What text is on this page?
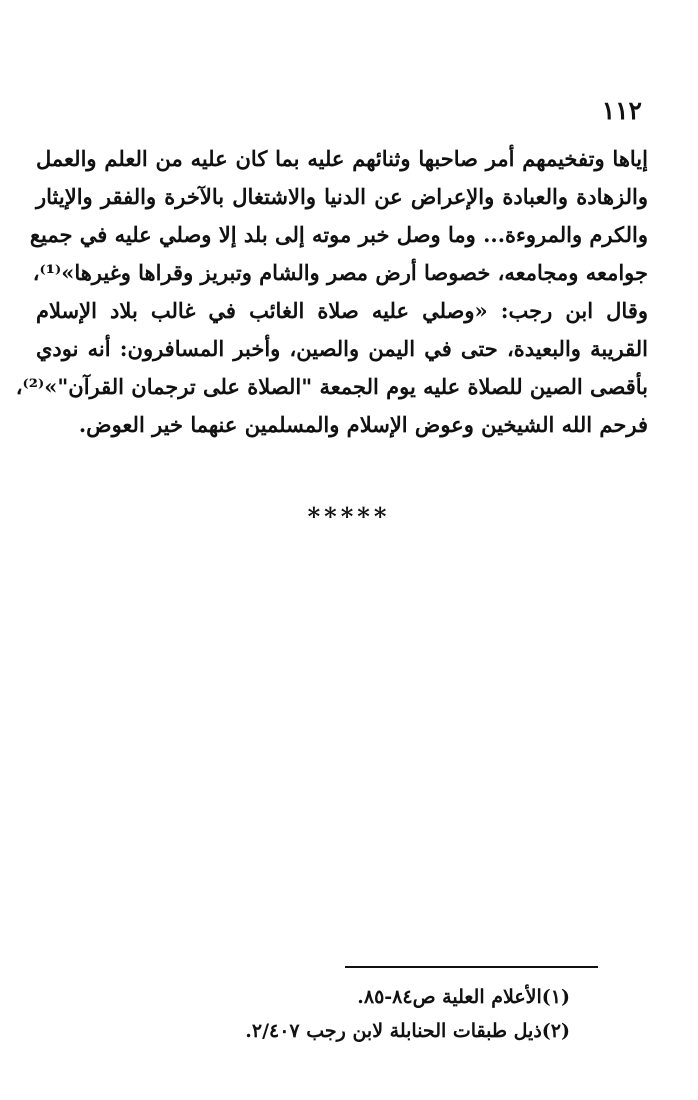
١١٢
إياها وتفخيمهم أمر صاحبها وثنائهم عليه بما كان عليه من العلم والعمل
والزهادة والعبادة والإعراض عن الدنيا والاشتغال بالآخرة والفقر والإيثار
والكرم والمروءة... وما وصل خبر موته إلى بلد إلا وصلي عليه في جميع
جوامعه ومجامعه، خصوصا أرض مصر والشام وتبريز وقراها وغيرها»⁽¹⁾،
وقال ابن رجب: «وصلي عليه صلاة الغائب في غالب بلاد الإسلام
القريبة والبعيدة، حتى في اليمن والصين، وأخبر المسافرون: أنه نودي
بأقصى الصين للصلاة عليه يوم الجمعة "الصلاة على ترجمان القرآن"»⁽²⁾،
فرحم الله الشيخين وعوض الإسلام والمسلمين عنهما خير العوض.
*****
(١)الأعلام العلية ص٨٤-٨٥.
(٢)ذيل طبقات الحنابلة لابن رجب ٢/٤٠٧.
